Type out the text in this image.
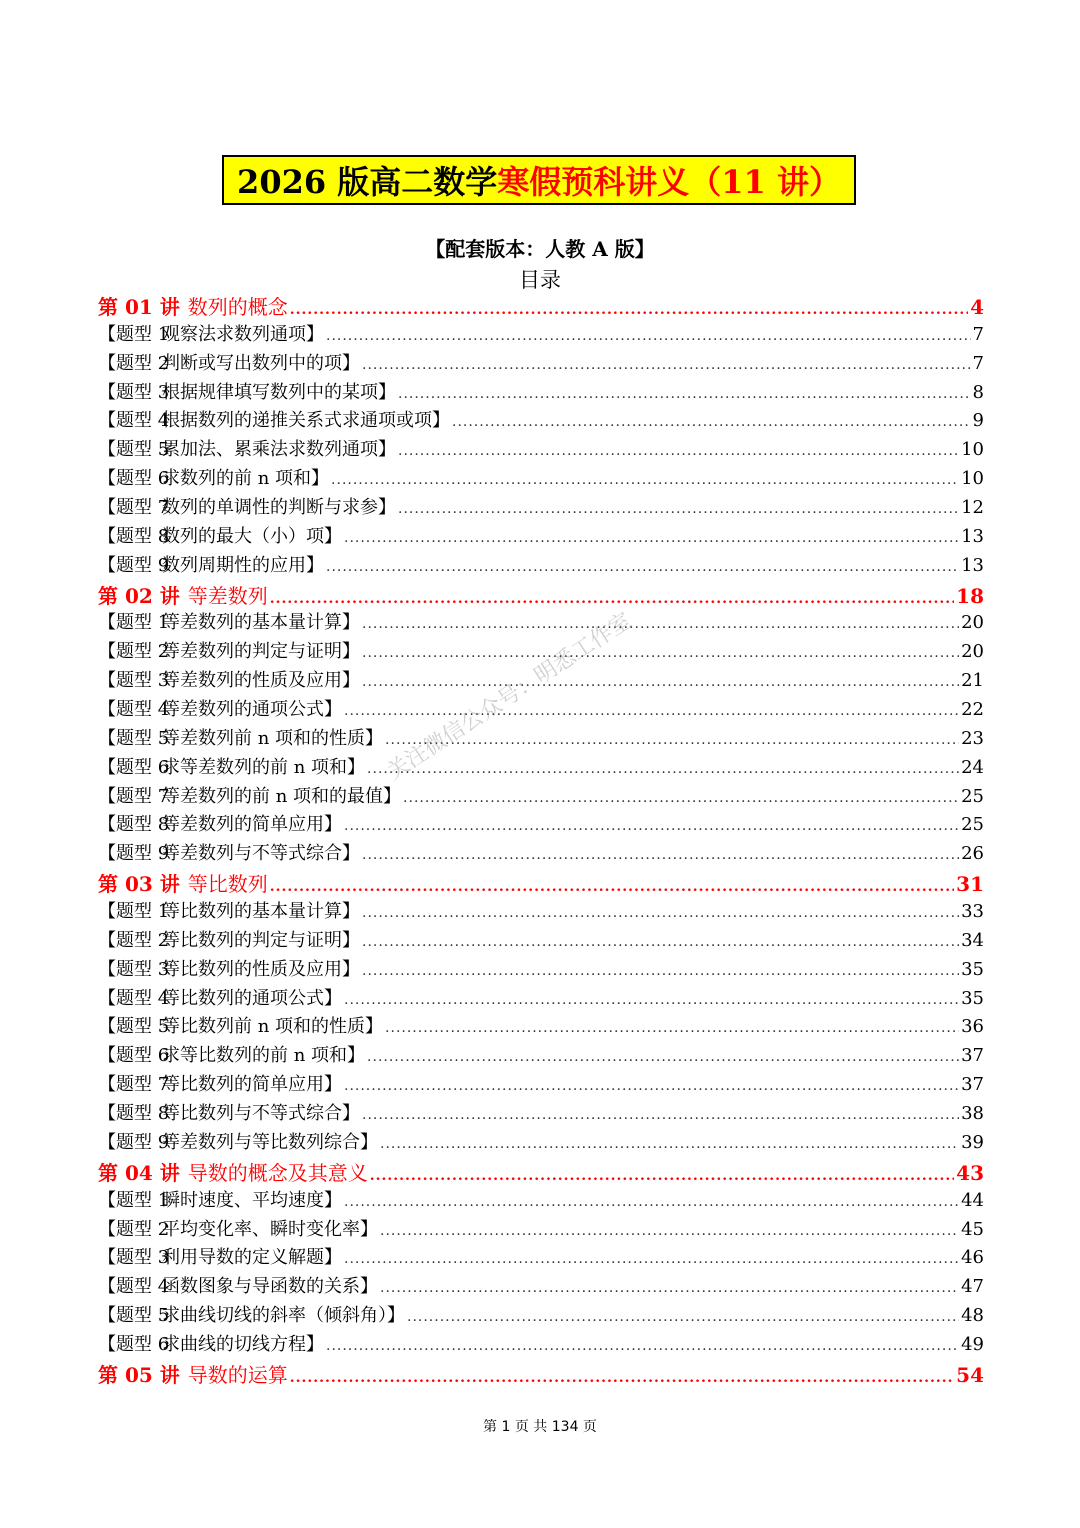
2026 版高二数学 寒假预科讲义（11 讲）
【配套版本：人教 A 版】
目录
第 01 讲 数列的概念 .....	4
【题型 1观察法求数列通项】 .....	7
【题型 2判断或写出数列中的项】 .....	7
【题型 3根据规律填写数列中的某项】 .....	8
【题型 4根据数列的递推关系式求通项或项】 .....	9
【题型 5累加法、累乘法求数列通项】 .....	10
【题型 6求数列的前 n 项和】 .....	10
【题型 7数列的单调性的判断与求参】 .....	12
【题型 8数列的最大（小）项】 .....	13
【题型 9数列周期性的应用】 .....	13
第 02 讲 等差数列 .....	18
【题型 1等差数列的基本量计算】 .....	20
【题型 2等差数列的判定与证明】 .....	20
【题型 3等差数列的性质及应用】 .....	21
【题型 4等差数列的通项公式】 .....	22
【题型 5等差数列前 n 项和的性质】 .....	23
【题型 6求等差数列的前 n 项和】 .....	24
【题型 7等差数列的前 n 项和的最值】 .....	25
【题型 8等差数列的简单应用】 .....	25
【题型 9等差数列与不等式综合】 .....	26
第 03 讲 等比数列 .....	31
【题型 1等比数列的基本量计算】 .....	33
【题型 2等比数列的判定与证明】 .....	34
【题型 3等比数列的性质及应用】 .....	35
【题型 4等比数列的通项公式】 .....	35
【题型 5等比数列前 n 项和的性质】 .....	36
【题型 6求等比数列的前 n 项和】 .....	37
【题型 7等比数列的简单应用】 .....	37
【题型 8等比数列与不等式综合】 .....	38
【题型 9等差数列与等比数列综合】 .....	39
第 04 讲 导数的概念及其意义 .....	43
【题型 1瞬时速度、平均速度】 .....	44
【题型 2平均变化率、瞬时变化率】 .....	45
【题型 3利用导数的定义解题】 .....	46
【题型 4函数图象与导函数的关系】 .....	47
【题型 5求曲线切线的斜率（倾斜角）】 .....	48
【题型 6求曲线的切线方程】 .....	49
第 05 讲 导数的运算 .....	54
关注微信公众号：明悉工作室
第 1 页 共 134 页
